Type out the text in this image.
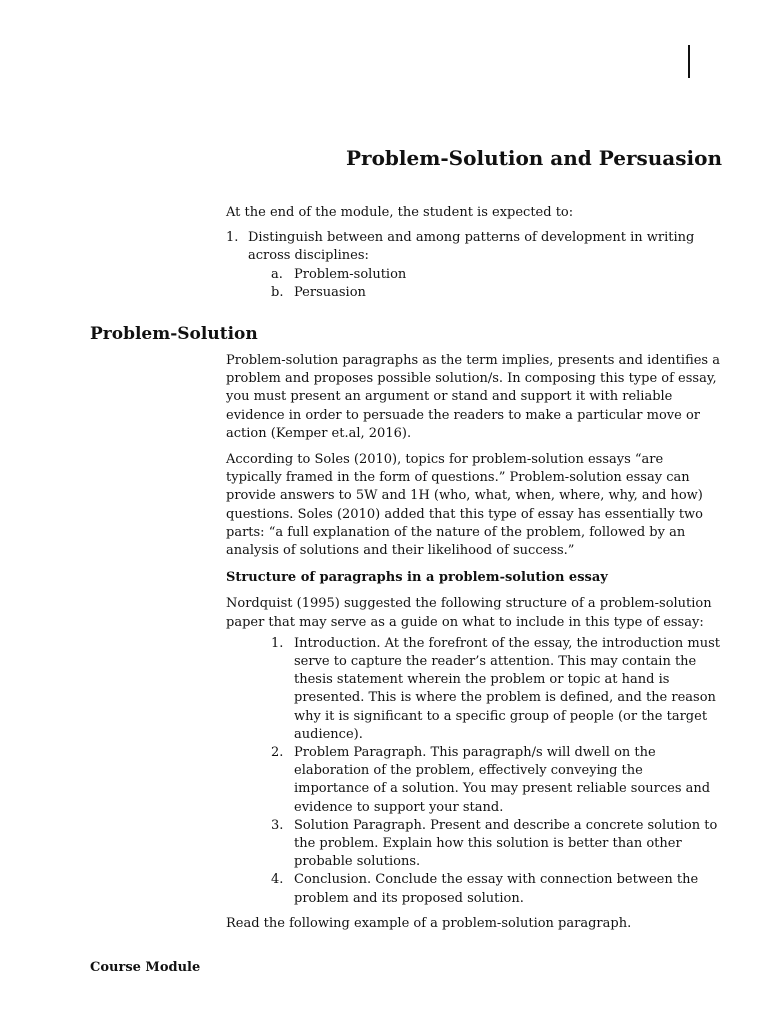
Problem-Solution and Persuasion

At the end of the module, the student is expected to:

1. Distinguish between and among patterns of development in writing across disciplines:
a. Problem-solution
b. Persuasion
Problem-Solution

Problem-solution paragraphs as the term implies, presents and identifies a problem and proposes possible solution/s. In composing this type of essay, you must present an argument or stand and support it with reliable evidence in order to persuade the readers to make a particular move or action (Kemper et.al, 2016).

According to Soles (2010), topics for problem-solution essays “are typically framed in the form of questions.” Problem-solution essay can provide answers to 5W and 1H (who, what, when, where, why, and how) questions. Soles (2010) added that this type of essay has essentially two parts: “a full explanation of the nature of the problem, followed by an analysis of solutions and their likelihood of success.”

Structure of paragraphs in a problem-solution essay

Nordquist (1995) suggested the following structure of a problem-solution paper that may serve as a guide on what to include in this type of essay:

1. Introduction. At the forefront of the essay, the introduction must serve to capture the reader’s attention. This may contain the thesis statement wherein the problem or topic at hand is presented. This is where the problem is defined, and the reason why it is significant to a specific group of people (or the target audience).
2. Problem Paragraph. This paragraph/s will dwell on the elaboration of the problem, effectively conveying the importance of a solution. You may present reliable sources and evidence to support your stand.
3. Solution Paragraph. Present and describe a concrete solution to the problem. Explain how this solution is better than other probable solutions.
4. Conclusion. Conclude the essay with connection between the problem and its proposed solution.

Read the following example of a problem-solution paragraph.

Course Module
